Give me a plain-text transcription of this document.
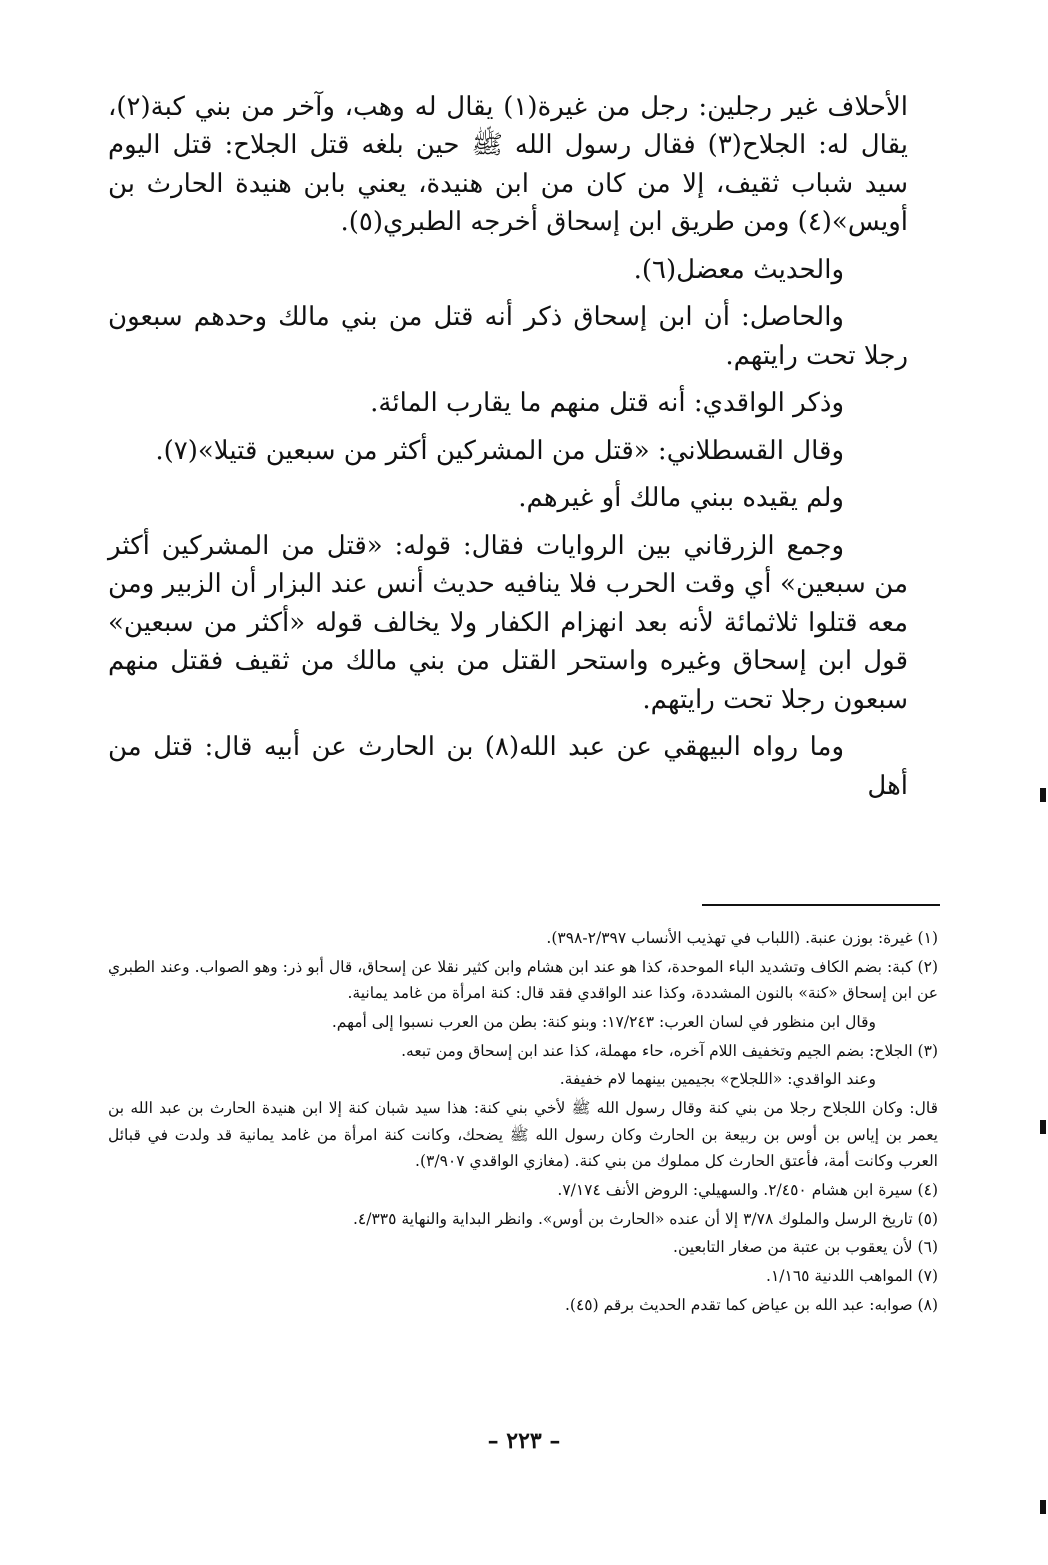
الأحلاف غير رجلين: رجل من غيرة(١) يقال له وهب، وآخر من بني كبة(٢)، يقال له: الجلاح(٣) فقال رسول الله ﷺ حين بلغه قتل الجلاح: قتل اليوم سيد شباب ثقيف، إلا من كان من ابن هنيدة، يعني بابن هنيدة الحارث بن أويس»(٤) ومن طريق ابن إسحاق أخرجه الطبري(٥).

والحديث معضل(٦).

والحاصل: أن ابن إسحاق ذكر أنه قتل من بني مالك وحدهم سبعون رجلا تحت رايتهم.

وذكر الواقدي: أنه قتل منهم ما يقارب المائة.

وقال القسطلاني: «قتل من المشركين أكثر من سبعين قتيلا»(٧).

ولم يقيده ببني مالك أو غيرهم.

وجمع الزرقاني بين الروايات فقال: قوله: «قتل من المشركين أكثر من سبعين» أي وقت الحرب فلا ينافيه حديث أنس عند البزار أن الزبير ومن معه قتلوا ثلاثمائة لأنه بعد انهزام الكفار ولا يخالف قوله «أكثر من سبعين» قول ابن إسحاق وغيره واستحر القتل من بني مالك من ثقيف فقتل منهم سبعون رجلا تحت رايتهم.

وما رواه البيهقي عن عبد الله(٨) بن الحارث عن أبيه قال: قتل من أهل

(١) غيرة: بوزن عنبة. (اللباب في تهذيب الأنساب ٢/٣٩٧-٣٩٨).

(٢) كبة: بضم الكاف وتشديد الباء الموحدة، كذا هو عند ابن هشام وابن كثير نقلا عن إسحاق، قال أبو ذر: وهو الصواب. وعند الطبري عن ابن إسحاق «كنة» بالنون المشددة، وكذا عند الواقدي فقد قال: كنة امرأة من غامد يمانية.

وقال ابن منظور في لسان العرب: ١٧/٢٤٣: وبنو كنة: بطن من العرب نسبوا إلى أمهم.

(٣) الجلاح: بضم الجيم وتخفيف اللام آخره، حاء مهملة، كذا عند ابن إسحاق ومن تبعه.

وعند الواقدي: «اللجلاح» بجيمين بينهما لام خفيفة.

قال: وكان اللجلاح رجلا من بني كنة وقال رسول الله ﷺ لأخي بني كنة: هذا سيد شبان كنة إلا ابن هنيدة الحارث بن عبد الله بن يعمر بن إياس بن أوس بن ربيعة بن الحارث وكان رسول الله ﷺ يضحك، وكانت كنة امرأة من غامد يمانية قد ولدت في قبائل العرب وكانت أمة، فأعتق الحارث كل مملوك من بني كنة. (مغازي الواقدي ٣/٩٠٧).

(٤) سيرة ابن هشام ٢/٤٥٠. والسهيلي: الروض الأنف ٧/١٧٤.

(٥) تاريخ الرسل والملوك ٣/٧٨ إلا أن عنده «الحارث بن أوس». وانظر البداية والنهاية ٤/٣٣٥.

(٦) لأن يعقوب بن عتبة من صغار التابعين.

(٧) المواهب اللدنية ١/١٦٥.

(٨) صوابه: عبد الله بن عياض كما تقدم الحديث برقم (٤٥).

– ٢٢٣ –
